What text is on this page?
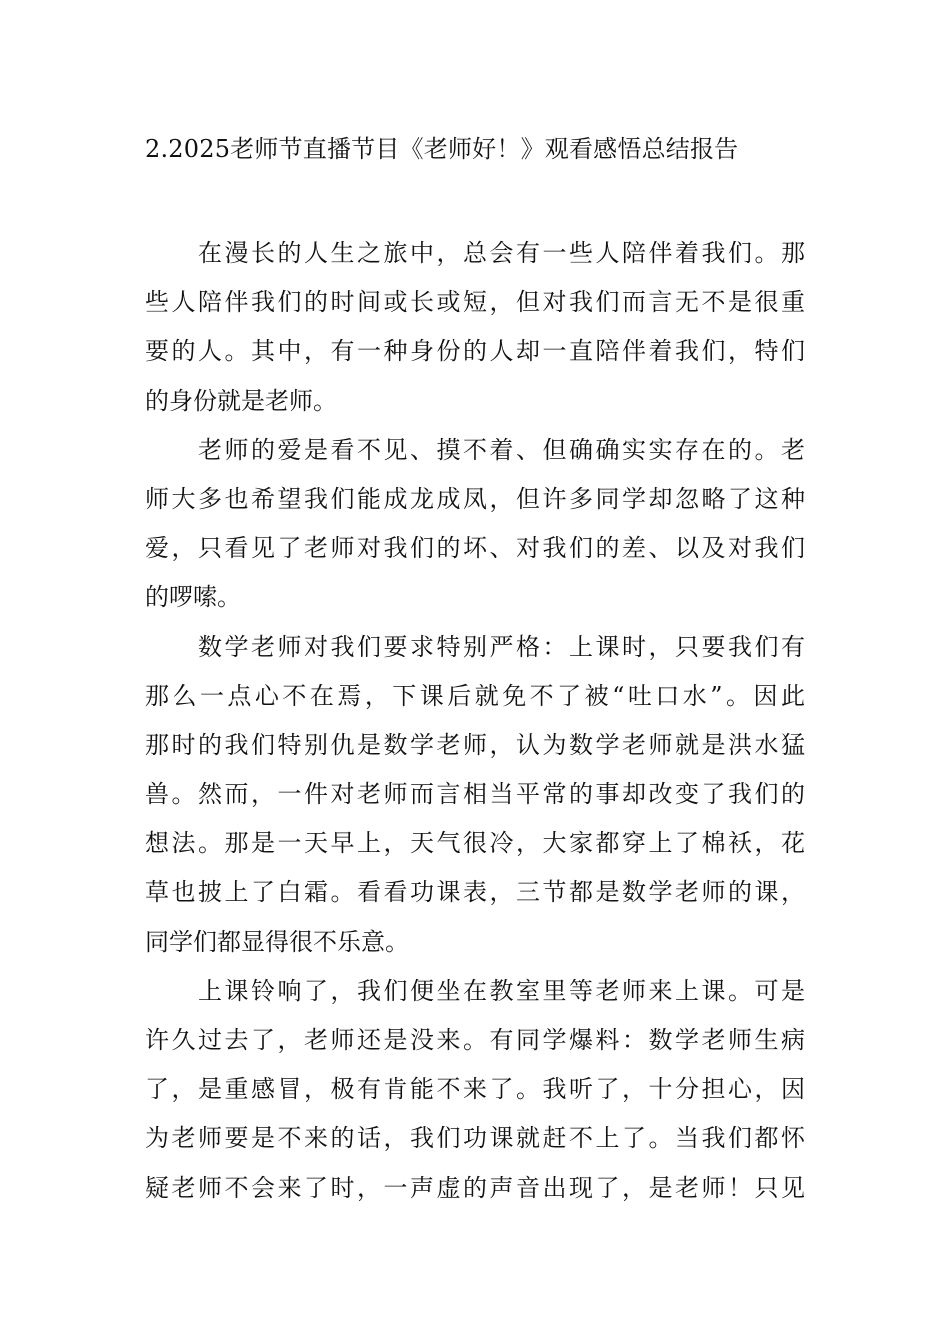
2.2025老师节直播节目《老师好！》观看感悟总结报告
在漫长的人生之旅中，总会有一些人陪伴着我们。那
些人陪伴我们的时间或长或短，但对我们而言无不是很重
要的人。其中，有一种身份的人却一直陪伴着我们，特们
的身份就是老师。
老师的爱是看不见、摸不着、但确确实实存在的。老
师大多也希望我们能成龙成凤，但许多同学却忽略了这种
爱，只看见了老师对我们的坏、对我们的差、以及对我们
的啰嗦。
数学老师对我们要求特别严格：上课时，只要我们有
那么一点心不在焉，下课后就免不了被“吐口水”。因此
那时的我们特别仇是数学老师，认为数学老师就是洪水猛
兽。然而，一件对老师而言相当平常的事却改变了我们的
想法。那是一天早上，天气很冷，大家都穿上了棉袄，花
草也披上了白霜。看看功课表，三节都是数学老师的课，
同学们都显得很不乐意。
上课铃响了，我们便坐在教室里等老师来上课。可是
许久过去了，老师还是没来。有同学爆料：数学老师生病
了，是重感冒，极有肯能不来了。我听了，十分担心，因
为老师要是不来的话，我们功课就赶不上了。当我们都怀
疑老师不会来了时，一声虚的声音出现了，是老师！只见
